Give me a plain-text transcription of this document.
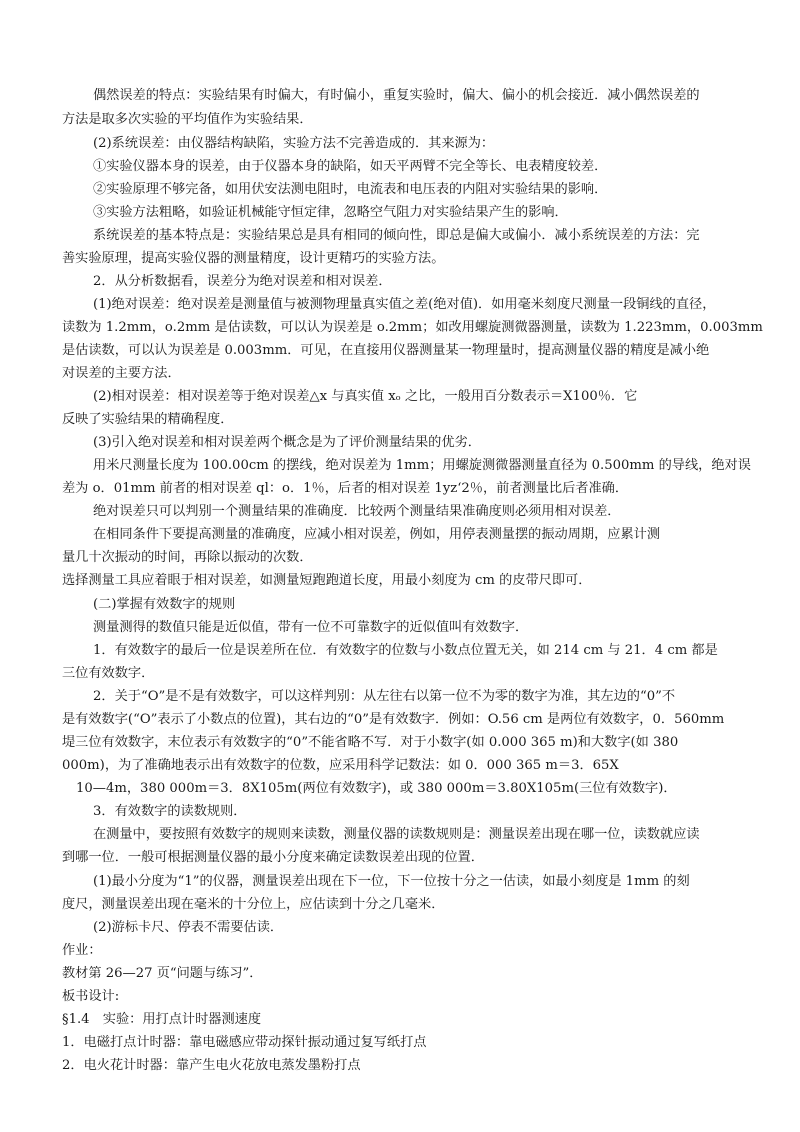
偶然误差的特点：实验结果有时偏大，有时偏小，重复实验时，偏大、偏小的机会接近．减小偶然误差的
方法是取多次实验的平均值作为实验结果．
(2)系统误差：由仪器结构缺陷，实验方法不完善造成的．其来源为：
①实验仪器本身的误差，由于仪器本身的缺陷，如天平两臂不完全等长、电表精度较差．
②实验原理不够完备，如用伏安法测电阻时，电流表和电压表的内阻对实验结果的影响．
③实验方法粗略，如验证机械能守恒定律，忽略空气阻力对实验结果产生的影响．
系统误差的基本特点是：实验结果总是具有相同的倾向性，即总是偏大或偏小．减小系统误差的方法：完
善实验原理，提高实验仪器的测量精度，设计更精巧的实验方法。
2．从分析数据看，误差分为绝对误差和相对误差．
(1)绝对误差：绝对误差是测量值与被测物理量真实值之差(绝对值)．如用毫米刻度尺测量一段铜线的直径，
读数为 1.2mm，o.2mm 是估读数，可以认为误差是 o.2mm；如改用螺旋测微器测量，读数为 1.223mm，0.003mm
是估读数，可以认为误差是 0.003mm．可见，在直接用仪器测量某一物理量时，提高测量仪器的精度是减小绝
对误差的主要方法．
(2)相对误差：相对误差等于绝对误差△x 与真实值 xₒ 之比，一般用百分数表示＝X100％．它
反映了实验结果的精确程度．
(3)引入绝对误差和相对误差两个概念是为了评价测量结果的优劣．
用米尺测量长度为 100.00cm 的摆线，绝对误差为 1mm；用螺旋测微器测量直径为 0.500mm 的导线，绝对误
差为 o．01mm 前者的相对误差 ql：o．1％，后者的相对误差 1yz‘2％，前者测量比后者准确．
绝对误差只可以判别一个测量结果的准确度．比较两个测量结果准确度则必须用相对误差．
在相同条件下要提高测量的准确度，应减小相对误差，例如，用停表测量摆的振动周期，应累计测
量几十次振动的时间，再除以振动的次数．
选择测量工具应着眼于相对误差，如测量短跑跑道长度，用最小刻度为 cm 的皮带尺即可．
(二)掌握有效数字的规则
测量测得的数值只能是近似值，带有一位不可靠数字的近似值叫有效数字．
1．有效数字的最后一位是误差所在位．有效数字的位数与小数点位置无关，如 214 cm 与 21．4 cm 都是
三位有效数字．
2．关于“O”是不是有效数字，可以这样判别：从左往右以第一位不为零的数字为准，其左边的“0”不
是有效数字(“O”表示了小数点的位置)，其右边的“0”是有效数字．例如：O.56 cm 是两位有效数字，0．560mm
堤三位有效数字，末位表示有效数字的“0”不能省略不写．对于小数字(如 0.000 365 m)和大数字(如 380
000m)，为了准确地表示出有效数字的位数，应采用科学记数法：如 0．000 365 m＝3．65X
10—4m，380 000m＝3．8X105m(两位有效数字)，或 380 000m＝3.80X105m(三位有效数字)．
3．有效数字的读数规则．
在测量中，要按照有效数字的规则来读数，测量仪器的读数规则是：测量误差出现在哪一位，读数就应读
到哪一位．一般可根据测量仪器的最小分度来确定读数误差出现的位置．
(1)最小分度为“1”的仪器，测量误差出现在下一位，下一位按十分之一估读，如最小刻度是 1mm 的刻
度尺，测量误差出现在毫米的十分位上，应估读到十分之几毫米．
(2)游标卡尺、停表不需要估读．
作业：
教材第 26—27 页“问题与练习”．
板书设计:
§1.4　实验：用打点计时器测速度
1．电磁打点计时器：靠电磁感应带动探针振动通过复写纸打点
2．电火花计时器：靠产生电火花放电蒸发墨粉打点
